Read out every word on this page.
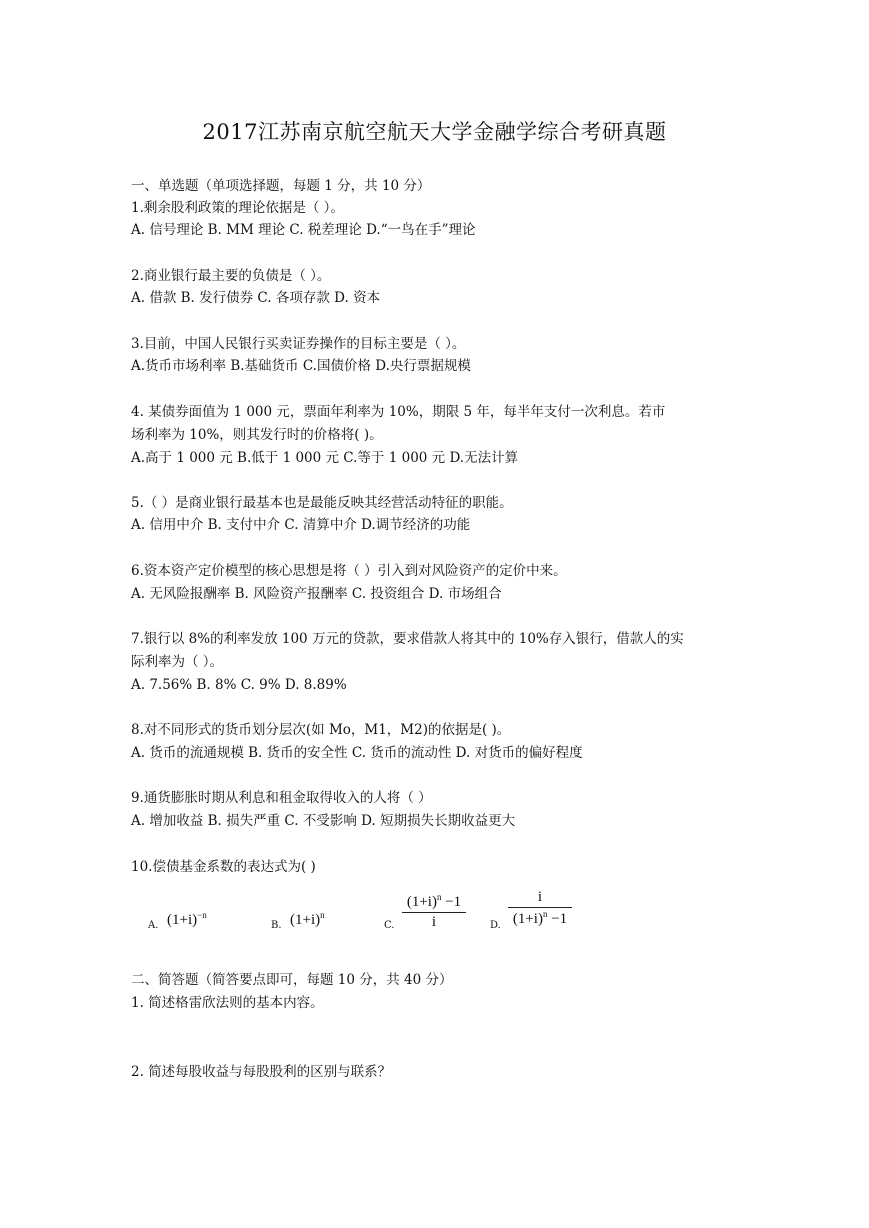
2017江苏南京航空航天大学金融学综合考研真题
一、单选题（单项选择题，每题 1 分，共 10 分）
1.剩余股利政策的理论依据是（ ）。
A. 信号理论 B. MM 理论 C. 税差理论 D.“一鸟在手”理论
2.商业银行最主要的负债是（ ）。
A. 借款 B. 发行债券 C. 各项存款 D. 资本
3.目前，中国人民银行买卖证券操作的目标主要是（ ）。
A.货币市场利率 B.基础货币 C.国债价格 D.央行票据规模
4. 某债券面值为 1 000 元，票面年利率为 10%，期限 5 年，每半年支付一次利息。若市
场利率为 10%，则其发行时的价格将( )。
A.高于 1 000 元 B.低于 1 000 元 C.等于 1 000 元 D.无法计算
5.（ ）是商业银行最基本也是最能反映其经营活动特征的职能。
A. 信用中介 B. 支付中介 C. 清算中介 D.调节经济的功能
6.资本资产定价模型的核心思想是将（ ）引入到对风险资产的定价中来。
A. 无风险报酬率 B. 风险资产报酬率 C. 投资组合 D. 市场组合
7.银行以 8%的利率发放 100 万元的贷款，要求借款人将其中的 10%存入银行，借款人的实
际利率为（ ）。
A. 7.56% B. 8% C. 9% D. 8.89%
8.对不同形式的货币划分层次(如 Mo，M1，M2)的依据是( )。
A. 货币的流通规模 B. 货币的安全性 C. 货币的流动性 D. 对货币的偏好程度
9.通货膨胀时期从利息和租金取得收入的人将（ ）
A. 增加收益 B. 损失严重 C. 不受影响 D. 短期损失长期收益更大
10.偿债基金系数的表达式为( )
A. $(1+i)^{-n}$
B. $(1+i)^n$
C.
$(1+i)^n -1$
i	D.
i
$(1+i)^n -1$
二、简答题（简答要点即可，每题 10 分，共 40 分）
1. 简述格雷欣法则的基本内容。
2. 简述每股收益与每股股利的区别与联系？
